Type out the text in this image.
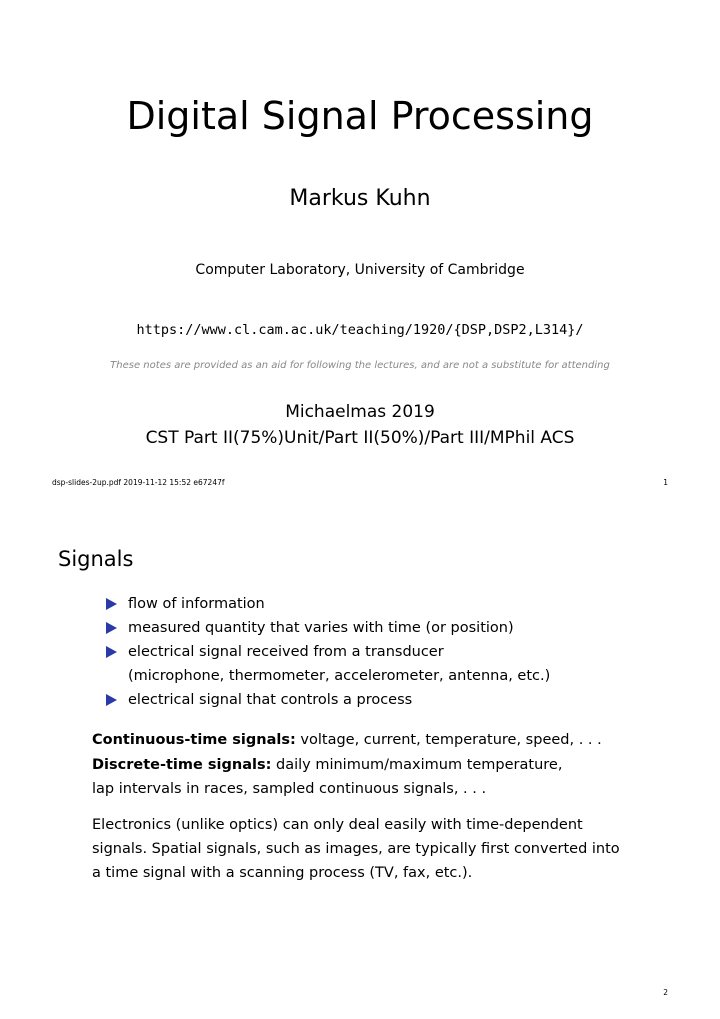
Digital Signal Processing
Markus Kuhn
Computer Laboratory, University of Cambridge
https://www.cl.cam.ac.uk/teaching/1920/{DSP,DSP2,L314}/
These notes are provided as an aid for following the lectures, and are not a substitute for attending
Michaelmas 2019
CST Part II(75%)Unit/Part II(50%)/Part III/MPhil ACS
dsp-slides-2up.pdf 2019-11-12 15:52 e67247f	1
Signals
flow of information
measured quantity that varies with time (or position)
electrical signal received from a transducer
(microphone, thermometer, accelerometer, antenna, etc.)
electrical signal that controls a process
Continuous-time signals: voltage, current, temperature, speed, . . .
Discrete-time signals: daily minimum/maximum temperature,
lap intervals in races, sampled continuous signals, . . .
Electronics (unlike optics) can only deal easily with time-dependent
signals. Spatial signals, such as images, are typically first converted into
a time signal with a scanning process (TV, fax, etc.).
2
